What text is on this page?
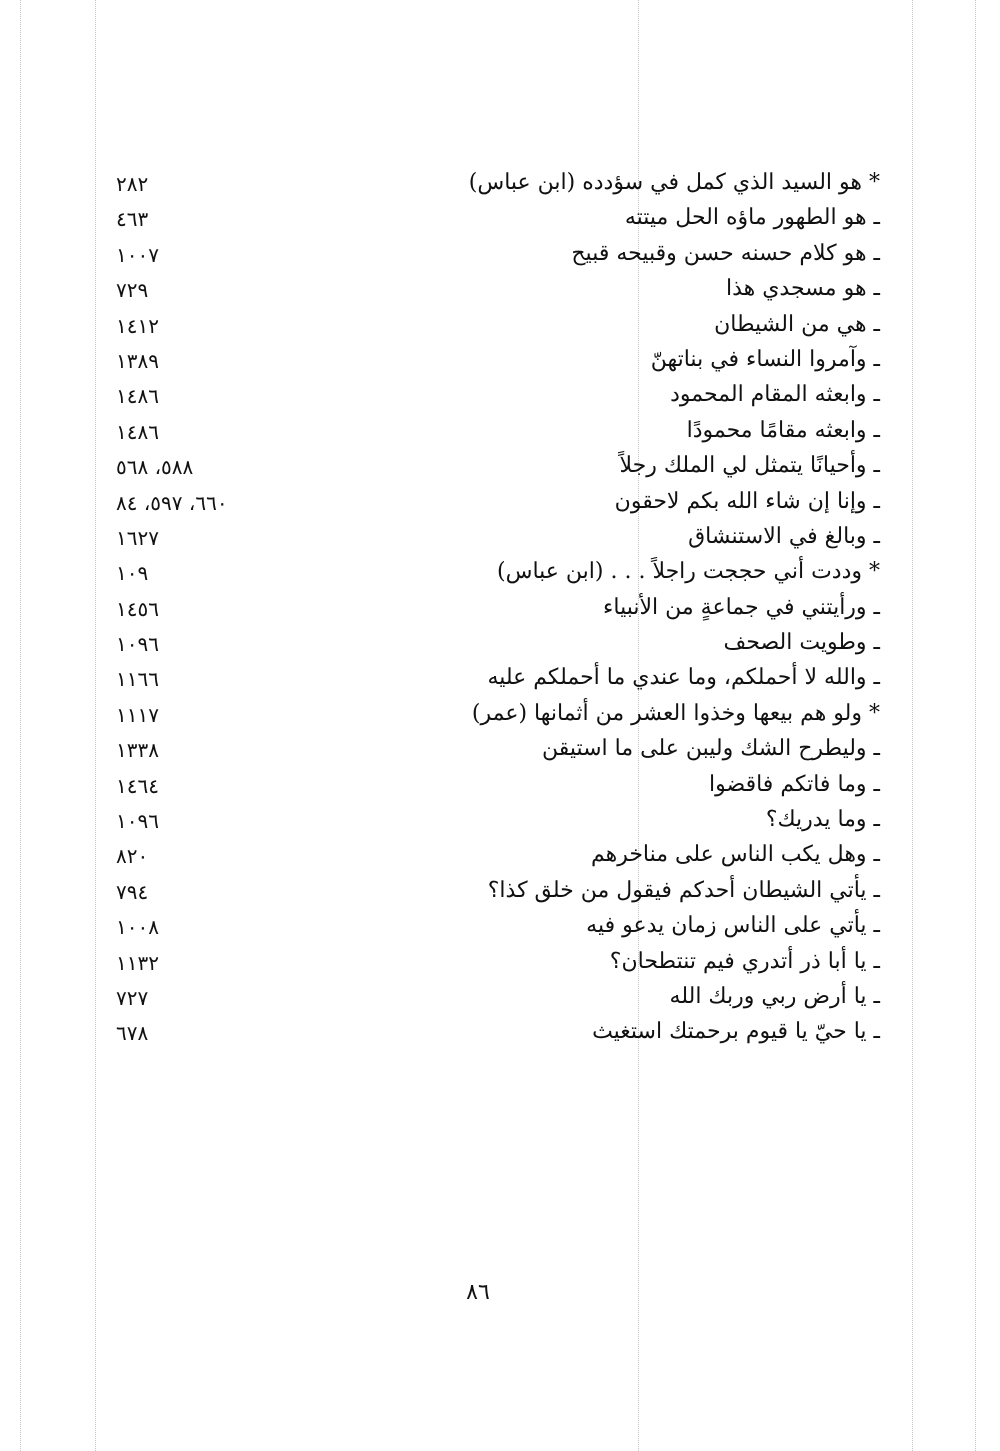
* هو السيد الذي كمل في سؤدده (ابن عباس)
٢٨٢
ـ هو الطهور ماؤه الحل ميتته
٤٦٣
ـ هو كلام حسنه حسن وقبيحه قبيح
١٠٠٧
ـ هو مسجدي هذا
٧٢٩
ـ هي من الشيطان
١٤١٢
ـ وآمروا النساء في بناتهنّ
١٣٨٩
ـ وابعثه المقام المحمود
١٤٨٦
ـ وابعثه مقامًا محمودًا
١٤٨٦
ـ وأحيانًا يتمثل لي الملك رجلاً
٥٨٨، ٥٦٨
ـ وإنا إن شاء الله بكم لاحقون
٦٦٠، ٥٩٧، ٨٤
ـ وبالغ في الاستنشاق
١٦٢٧
* وددت أني حججت راجلاً . . . (ابن عباس)
١٠٩
ـ ورأيتني في جماعةٍ من الأنبياء
١٤٥٦
ـ وطويت الصحف
١٠٩٦
ـ والله لا أحملكم، وما عندي ما أحملكم عليه
١١٦٦
* ولو هم بيعها وخذوا العشر من أثمانها (عمر)
١١١٧
ـ وليطرح الشك وليبن على ما استيقن
١٣٣٨
ـ وما فاتكم فاقضوا
١٤٦٤
ـ وما يدريك؟
١٠٩٦
ـ وهل يكب الناس على مناخرهم
٨٢٠
ـ يأتي الشيطان أحدكم فيقول من خلق كذا؟
٧٩٤
ـ يأتي على الناس زمان يدعو فيه
١٠٠٨
ـ يا أبا ذر أتدري فيم تنتطحان؟
١١٣٢
ـ يا أرض ربي وربك الله
٧٢٧
ـ يا حيّ يا قيوم برحمتك استغيث
٦٧٨
٨٦
